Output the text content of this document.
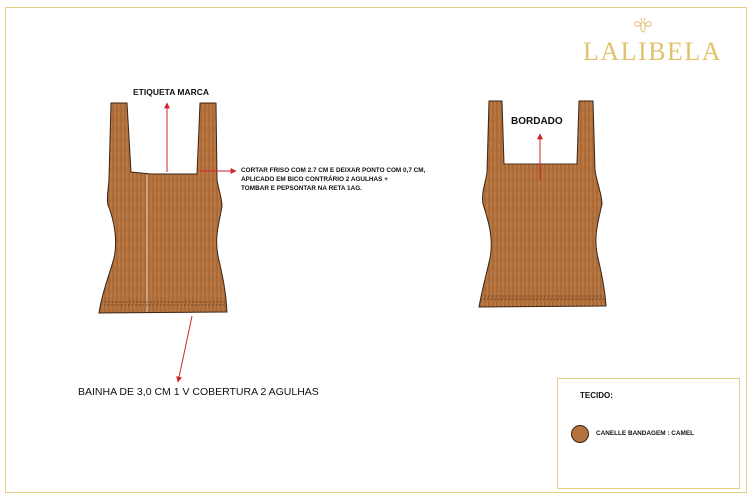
LALIBELA
ETIQUETA MARCA
BORDADO
CORTAR FRISO COM 2.7 CM E DEIXAR PONTO COM 0,7 CM,
APLICADO EM BICO CONTRÁRIO 2 AGULHAS +
TOMBAR E PEPSONTAR NA RETA 1AG.
BAINHA DE 3,0 CM 1 V COBERTURA 2 AGULHAS	TECIDO:
CANELLE BANDAGEM : CAMEL
